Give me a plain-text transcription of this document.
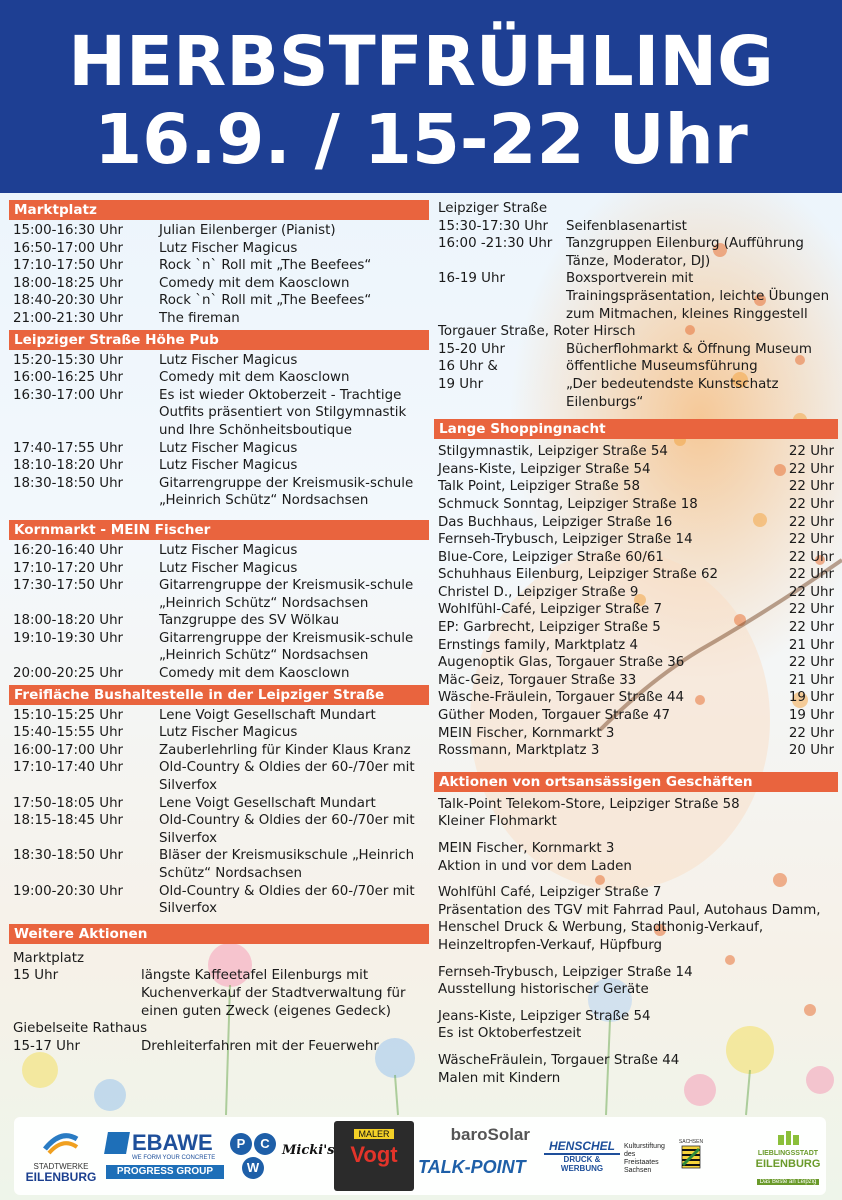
HERBSTFRÜHLING
16.9. / 15-22 Uhr
Marktplatz
15:00-16:30 Uhr	Julian Eilenberger (Pianist)
16:50-17:00 Uhr	Lutz Fischer Magicus
17:10-17:50 Uhr	Rock `n` Roll mit „The Beefees“
18:00-18:25 Uhr	Comedy mit dem Kaosclown
18:40-20:30 Uhr	Rock `n` Roll mit „The Beefees“
21:00-21:30 Uhr	The fireman
Leipziger Straße Höhe Pub
15:20-15:30 Uhr	Lutz Fischer Magicus
16:00-16:25 Uhr	Comedy mit dem Kaosclown
16:30-17:00 Uhr	Es ist wieder Oktoberzeit - Trachtige Outfits präsentiert von Stilgymnastik und Ihre Schönheitsboutique
17:40-17:55 Uhr	Lutz Fischer Magicus
18:10-18:20 Uhr	Lutz Fischer Magicus
18:30-18:50 Uhr	Gitarrengruppe der Kreismusik-schule „Heinrich Schütz“ Nordsachsen
Kornmarkt - MEIN Fischer
16:20-16:40 Uhr	Lutz Fischer Magicus
17:10-17:20 Uhr	Lutz Fischer Magicus
17:30-17:50 Uhr	Gitarrengruppe der Kreismusik-schule „Heinrich Schütz“ Nordsachsen
18:00-18:20 Uhr	Tanzgruppe des SV Wölkau
19:10-19:30 Uhr	Gitarrengruppe der Kreismusik-schule „Heinrich Schütz“ Nordsachsen
20:00-20:25 Uhr	Comedy mit dem Kaosclown
Freifläche Bushaltestelle in der Leipziger Straße
15:10-15:25 Uhr	Lene Voigt Gesellschaft Mundart
15:40-15:55 Uhr	Lutz Fischer Magicus
16:00-17:00 Uhr	Zauberlehrling für Kinder Klaus Kranz
17:10-17:40 Uhr	Old-Country & Oldies der 60-/70er mit Silverfox
17:50-18:05 Uhr	Lene Voigt Gesellschaft Mundart
18:15-18:45 Uhr	Old-Country & Oldies der 60-/70er mit Silverfox
18:30-18:50 Uhr	Bläser der Kreismusikschule „Heinrich Schütz“ Nordsachsen
19:00-20:30 Uhr	Old-Country & Oldies der 60-/70er mit Silverfox
Weitere Aktionen
Marktplatz
15 Uhr	längste Kaffeetafel Eilenburgs mit Kuchenverkauf der Stadtverwaltung für einen guten Zweck (eigenes Gedeck)
Giebelseite Rathaus
15-17 Uhr	Drehleiterfahren mit der Feuerwehr
Leipziger Straße
15:30-17:30 Uhr	Seifenblasenartist
16:00 -21:30 Uhr	Tanzgruppen Eilenburg (Aufführung Tänze, Moderator, DJ)
16-19 Uhr	Boxsportverein mit Trainingspräsentation, leichte Übungen zum Mitmachen, kleines Ringgestell
Torgauer Straße, Roter Hirsch
15-20 Uhr	Bücherflohmarkt & Öffnung Museum
16 Uhr &	öffentliche Museumsführung
19 Uhr	„Der bedeutendste Kunstschatz Eilenburgs“
Lange Shoppingnacht
Stilgymnastik, Leipziger Straße 54	22 Uhr
Jeans-Kiste, Leipziger Straße 54	22 Uhr
Talk Point, Leipziger Straße 58	22 Uhr
Schmuck Sonntag, Leipziger Straße 18	22 Uhr
Das Buchhaus, Leipziger Straße 16	22 Uhr
Fernseh-Trybusch, Leipziger Straße 14	22 Uhr
Blue-Core, Leipziger Straße 60/61	22 Uhr
Schuhhaus Eilenburg, Leipziger Straße 62	22 Uhr
Christel D., Leipziger Straße 9	22 Uhr
Wohlfühl-Café, Leipziger Straße 7	22 Uhr
EP: Garbrecht, Leipziger Straße 5	22 Uhr
Ernstings family, Marktplatz 4	21 Uhr
Augenoptik Glas, Torgauer Straße 36	22 Uhr
Mäc-Geiz, Torgauer Straße 33	21 Uhr
Wäsche-Fräulein, Torgauer Straße 44	19 Uhr
Güther Moden, Torgauer Straße 47	19 Uhr
MEIN Fischer, Kornmarkt 3	22 Uhr
Rossmann, Marktplatz 3	20 Uhr
Aktionen von ortsansässigen Geschäften
Talk-Point Telekom-Store, Leipziger Straße 58
Kleiner Flohmarkt
MEIN Fischer, Kornmarkt 3
Aktion in und vor dem Laden
Wohlfühl Café, Leipziger Straße 7
Präsentation des TGV mit Fahrrad Paul, Autohaus Damm, Henschel Druck & Werbung, Stadthonig-Verkauf, Heinzeltropfen-Verkauf, Hüpfburg
Fernseh-Trybusch, Leipziger Straße 14
Ausstellung historischer Geräte
Jeans-Kiste, Leipziger Straße 54
Es ist Oktoberfestzeit
WäscheFräulein, Torgauer Straße 44
Malen mit Kindern
STADTWERKE
EILENBURG
EBAWE
WE FORM YOUR CONCRETE
PROGRESS GROUP
P	C
W
Micki's
MALER
Vogt
baroSolar
TALK-POINT
HENSCHEL
DRUCK & WERBUNG
Kulturstiftung
des
Freistaates
Sachsen
SACHSEN
LIEBLINGSSTADT
EILENBURG
Das Beste an Leipzig
